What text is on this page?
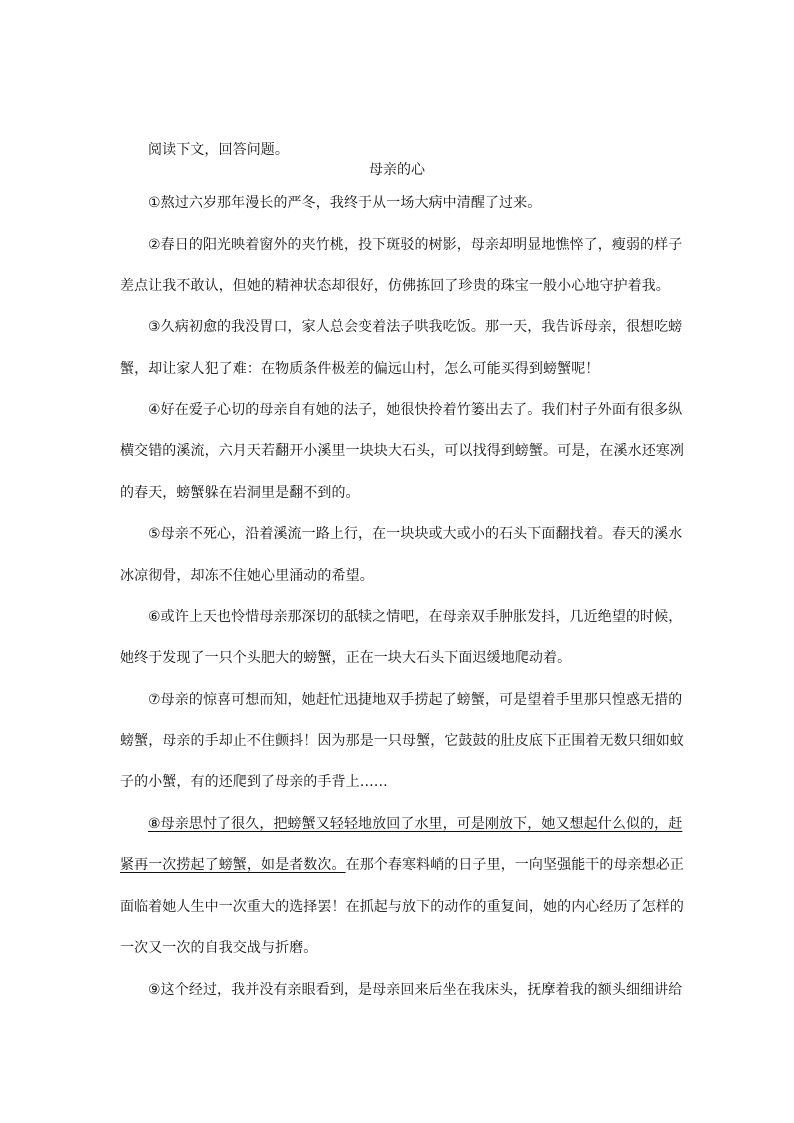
阅读下文，回答问题。
母亲的心
①熬过六岁那年漫长的严冬，我终于从一场大病中清醒了过来。
②春日的阳光映着窗外的夹竹桃，投下斑驳的树影，母亲却明显地憔悴了，瘦弱的样子
差点让我不敢认，但她的精神状态却很好，仿佛拣回了珍贵的珠宝一般小心地守护着我。
③久病初愈的我没胃口，家人总会变着法子哄我吃饭。那一天，我告诉母亲，很想吃螃
蟹，却让家人犯了难：在物质条件极差的偏远山村，怎么可能买得到螃蟹呢！
④好在爱子心切的母亲自有她的法子，她很快拎着竹篓出去了。我们村子外面有很多纵
横交错的溪流，六月天若翻开小溪里一块块大石头，可以找得到螃蟹。可是，在溪水还寒冽
的春天，螃蟹躲在岩洞里是翻不到的。
⑤母亲不死心，沿着溪流一路上行，在一块块或大或小的石头下面翻找着。春天的溪水
冰凉彻骨，却冻不住她心里涌动的希望。
⑥或许上天也怜惜母亲那深切的舐犊之情吧，在母亲双手肿胀发抖，几近绝望的时候，
她终于发现了一只个头肥大的螃蟹，正在一块大石头下面迟缓地爬动着。
⑦母亲的惊喜可想而知，她赶忙迅捷地双手捞起了螃蟹，可是望着手里那只惶惑无措的
螃蟹，母亲的手却止不住颤抖！因为那是一只母蟹，它鼓鼓的肚皮底下正围着无数只细如蚊
子的小蟹，有的还爬到了母亲的手背上……
⑧母亲思忖了很久，把螃蟹又轻轻地放回了水里，可是刚放下，她又想起什么似的，赶
紧再一次捞起了螃蟹，如是者数次。在那个春寒料峭的日子里，一向坚强能干的母亲想必正
面临着她人生中一次重大的选择罢！在抓起与放下的动作的重复间，她的内心经历了怎样的
一次又一次的自我交战与折磨。
⑨这个经过，我并没有亲眼看到，是母亲回来后坐在我床头，抚摩着我的额头细细讲给
